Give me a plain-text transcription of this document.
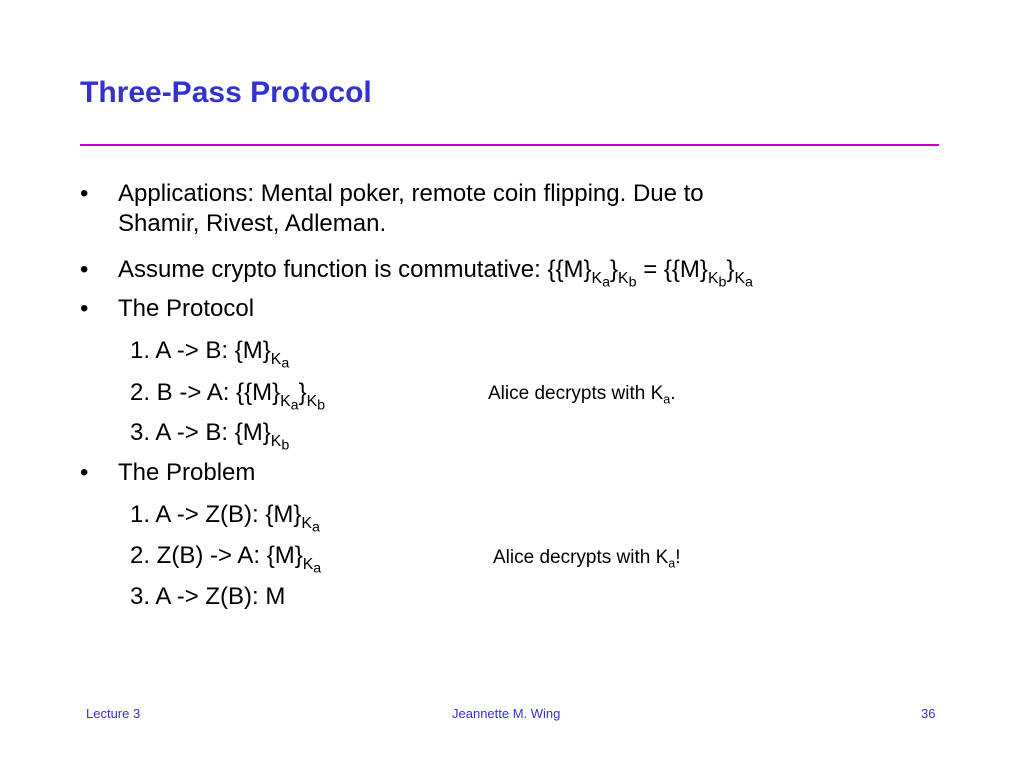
Three-Pass Protocol
• Applications: Mental poker, remote coin flipping. Due to
Shamir, Rivest, Adleman.
• Assume crypto function is commutative: $\{\{M\}_{K_a}\}_{K_b} = \{\{M\}_{K_b}\}_{K_a}$
• The Protocol
1. A -> B: $\{M\}_{K_a}$
2. B -> A: $\{\{M\}_{K_a}\}_{K_b}$
Alice decrypts with $K_a$.
3. A -> B: $\{M\}_{K_b}$
• The Problem
1. A -> Z(B): $\{M\}_{K_a}$
2. Z(B) -> A: $\{M\}_{K_a}$
Alice decrypts with $K_a$!
3. A -> Z(B): M
Lecture 3	Jeannette M. Wing	36
